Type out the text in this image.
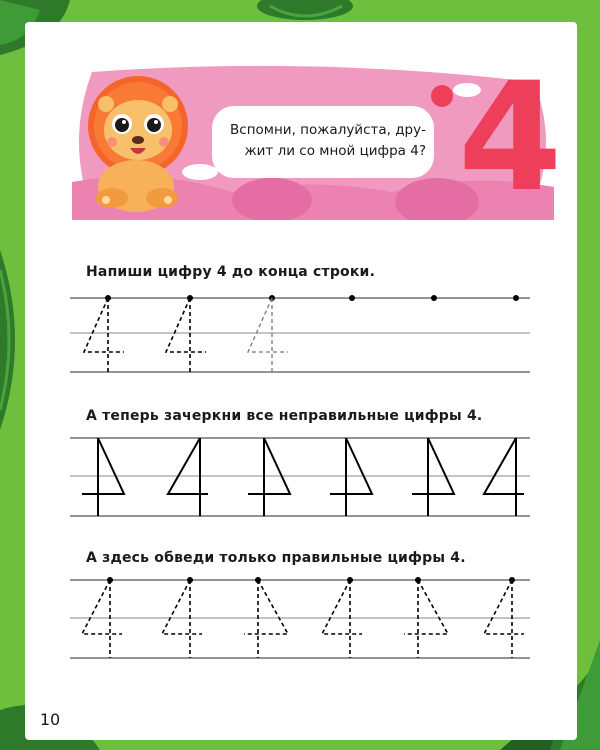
Вспомни, пожалуйста, дру-
жит ли со мной цифра 4? 4
Напиши цифру 4 до конца строки.
А теперь зачеркни все неправильные цифры 4.
А здесь обведи только правильные цифры 4.
10
